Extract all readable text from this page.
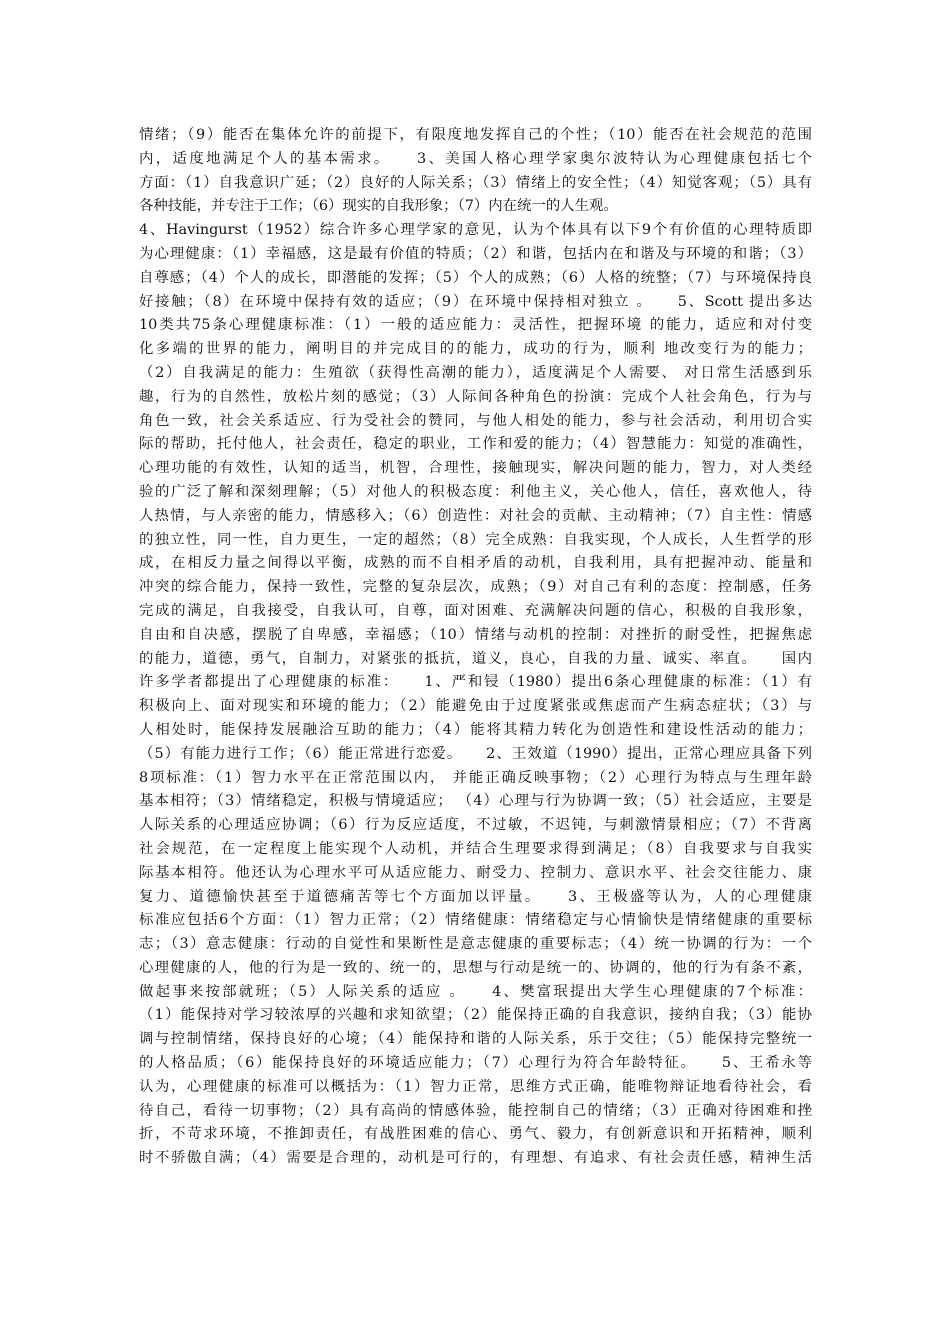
情绪；（9）能否在集体允许的前提下，有限度地发挥自己的个性；（10）能否在社会规范的范围
内，适度地满足个人的基本需求。　　3、美国人格心理学家奥尔波特认为心理健康包括七个
方面：（1）自我意识广延；（2）良好的人际关系；（3）情绪上的安全性；（4）知觉客观；（5）具有
各种技能，并专注于工作；（6）现实的自我形象；（7）内在统一的人生观。
4、Havingurst（1952）综合许多心理学家的意见，认为个体具有以下9个有价值的心理特质即
为心理健康：（1）幸福感，这是最有价值的特质；（2）和谐，包括内在和谐及与环境的和谐；（3）
自尊感；（4）个人的成长，即潜能的发挥；（5）个人的成熟；（6）人格的统整；（7）与环境保持良
好接触；（8）在环境中保持有效的适应；（9）在环境中保持相对独立 。　　5、Scott 提出多达
10类共75条心理健康标准：（1）一般的适应能力：灵活性，把握环境 的能力，适应和对付变
化多端的世界的能力，阐明目的并完成目的的能力，成功的行为，顺利 地改变行为的能力；
（2）自我满足的能力：生殖欲（获得性高潮的能力），适度满足个人需要、 对日常生活感到乐
趣，行为的自然性，放松片刻的感觉；（3）人际间各种角色的扮演：完成个人社会角色，行为与
角色一致，社会关系适应、行为受社会的赞同，与他人相处的能力，参与社会活动，利用切合实
际的帮助，托付他人，社会责任，稳定的职业，工作和爱的能力；（4）智慧能力：知觉的准确性，
心理功能的有效性，认知的适当，机智，合理性，接触现实，解决问题的能力，智力，对人类经
验的广泛了解和深刻理解；（5）对他人的积极态度：利他主义，关心他人，信任，喜欢他人，待
人热情，与人亲密的能力，情感移入；（6）创造性：对社会的贡献、主动精神；（7）自主性：情感
的独立性，同一性，自力更生，一定的超然；（8）完全成熟：自我实现，个人成长，人生哲学的形
成，在相反力量之间得以平衡，成熟的而不自相矛盾的动机，自我利用，具有把握冲动、能量和
冲突的综合能力，保持一致性，完整的复杂层次，成熟；（9）对自己有利的态度：控制感，任务
完成的满足，自我接受，自我认可，自尊，面对困难、充满解决问题的信心，积极的自我形象，
自由和自决感，摆脱了自卑感，幸福感；（10）情绪与动机的控制：对挫折的耐受性，把握焦虑
的能力，道德，勇气，自制力，对紧张的抵抗，道义，良心，自我的力量、诚实、率直。　　国内
许多学者都提出了心理健康的标准：　　1、严和锓（1980）提出6条心理健康的标准：（1）有
积极向上、面对现实和环境的能力；（2）能避免由于过度紧张或焦虑而产生病态症状；（3）与
人相处时，能保持发展融洽互助的能力；（4）能将其精力转化为创造性和建设性活动的能力；
（5）有能力进行工作；（6）能正常进行恋爱。　　2、王效道（1990）提出，正常心理应具备下列
8项标准：（1）智力水平在正常范围以内， 并能正确反映事物；（2）心理行为特点与生理年龄
基本相符；（3）情绪稳定，积极与情境适应； （4）心理与行为协调一致；（5）社会适应，主要是
人际关系的心理适应协调；（6）行为反应适度，不过敏，不迟钝，与刺激情景相应；（7）不背离
社会规范，在一定程度上能实现个人动机，并结合生理要求得到满足；（8）自我要求与自我实
际基本相符。他还认为心理水平可从适应能力、耐受力、控制力、意识水平、社会交往能力、康
复力、道德愉快甚至于道德痛苦等七个方面加以评量。　　3、王极盛等认为，人的心理健康
标准应包括6个方面：（1）智力正常；（2）情绪健康：情绪稳定与心情愉快是情绪健康的重要标
志；（3）意志健康：行动的自觉性和果断性是意志健康的重要标志；（4）统一协调的行为：一个
心理健康的人，他的行为是一致的、统一的，思想与行动是统一的、协调的，他的行为有条不紊，
做起事来按部就班；（5）人际关系的适应 。　　4、樊富珉提出大学生心理健康的7个标准：
（1）能保持对学习较浓厚的兴趣和求知欲望；（2）能保持正确的自我意识，接纳自我；（3）能协
调与控制情绪，保持良好的心境；（4）能保持和谐的人际关系，乐于交往；（5）能保持完整统一
的人格品质；（6）能保持良好的环境适应能力；（7）心理行为符合年龄特征。　　5、王希永等
认为，心理健康的标准可以概括为：（1）智力正常，思维方式正确，能唯物辩证地看待社会，看
待自己，看待一切事物；（2）具有高尚的情感体验，能控制自己的情绪；（3）正确对待困难和挫
折，不苛求环境，不推卸责任，有战胜困难的信心、勇气、毅力，有创新意识和开拓精神，顺利
时不骄傲自满；（4）需要是合理的，动机是可行的，有理想、有追求、有社会责任感，精神生活
